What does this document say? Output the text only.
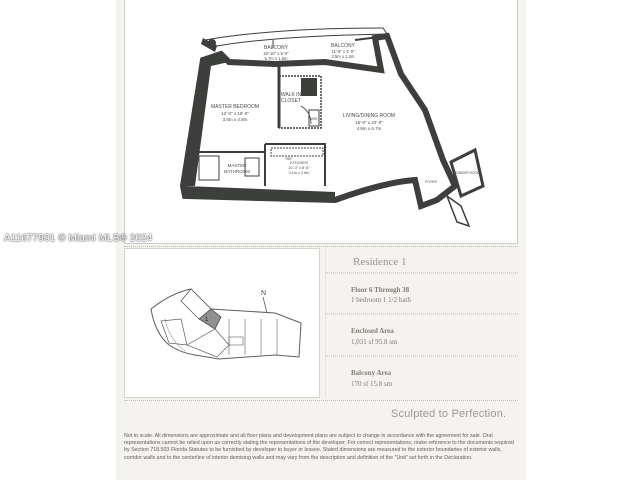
BALCONY
18'-10" x 5'-0"
5.7m x 1.5m
BALCONY
11'-6" x 4'-0"
3.5m x 1.2m
MASTER BEDROOM
12'-0" x 16'-0"
3.6m x 4.8m
WALK IN
CLOSET
LIVING/DINING ROOM
15'-0" x 22'-0"
4.6m x 6.7m
KITCHEN
10'-3" x 8'-6"
3.1m x 2.6m
MASTER
BATHROOM
W/D
REF
FOYER
POWDER ROOM
N
1
Residence 1
Floor 6 Through 38
1 bedroom 1 1/2 bath
Enclosed Area
1,031 sf 95.8 sm
Balcony Area
170 sf 15.8 sm
Sculpted to Perfection.
Not to scale. All dimensions are approximate and all floor plans and development plans are subject to change in accordance with the agreement for sale. Oral representations cannot be relied upon as correctly stating the representations of the developer. For correct representations, make reference to the documents required by Section 718.503 Florida Statutes to be furnished by developer to buyer or lessee. Stated dimensions are measured to the exterior boundaries of exterior walls, corridor walls and to the centerline of interior demising walls and may vary from the description and definition of the "Unit" set forth in the Declaration.
A11677901 © Miami MLS® 2024
